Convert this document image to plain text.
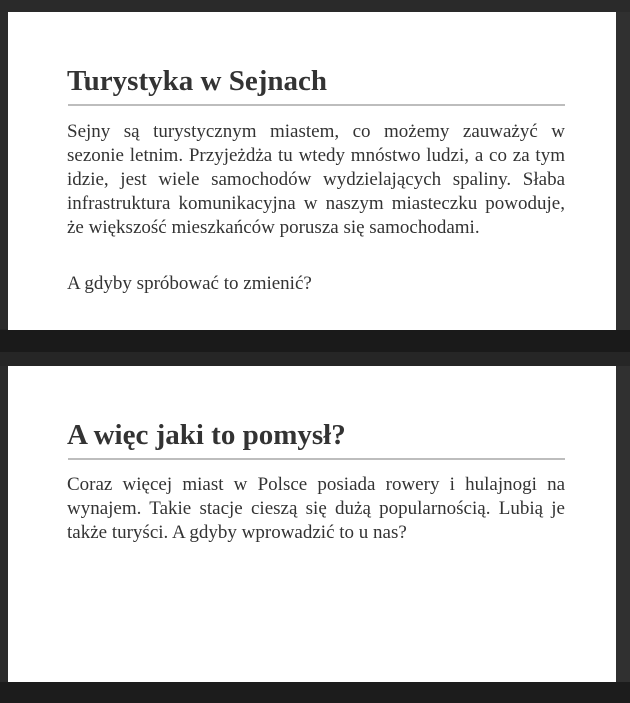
Turystyka w Sejnach

Sejny są turystycznym miastem, co możemy zauważyć w sezonie letnim. Przyjeżdża tu wtedy mnóstwo ludzi, a co za tym idzie, jest wiele samochodów wydzielających spaliny. Słaba infrastruktura komunikacyjna w naszym miasteczku powoduje, że większość mieszkańców porusza się samochodami.

A gdyby spróbować to zmienić?

A więc jaki to pomysł?

Coraz więcej miast w Polsce posiada rowery i hulajnogi na wynajem. Takie stacje cieszą się dużą popularnością. Lubią je także turyści. A gdyby wprowadzić to u nas?
